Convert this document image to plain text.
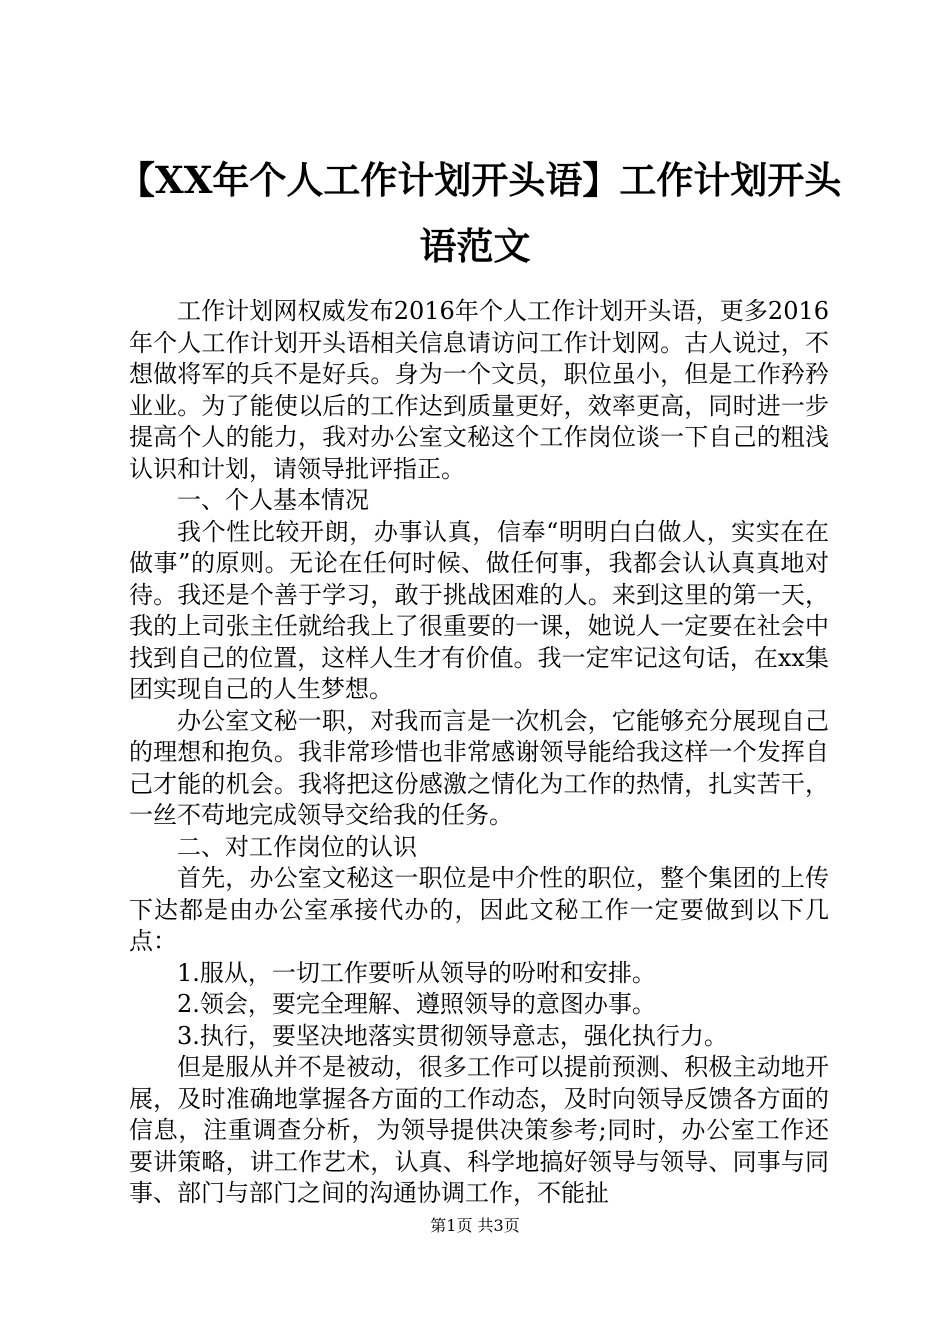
【XX年个人工作计划开头语】工作计划开头
语范文

工作计划网权威发布2016年个人工作计划开头语，更多2016年个人工作计划开头语相关信息请访问工作计划网。古人说过，不想做将军的兵不是好兵。身为一个文员，职位虽小，但是工作矜矜业业。为了能使以后的工作达到质量更好，效率更高，同时进一步提高个人的能力，我对办公室文秘这个工作岗位谈一下自己的粗浅认识和计划，请领导批评指正。

一、个人基本情况

我个性比较开朗，办事认真，信奉“明明白白做人，实实在在做事”的原则。无论在任何时候、做任何事，我都会认认真真地对待。我还是个善于学习，敢于挑战困难的人。来到这里的第一天，我的上司张主任就给我上了很重要的一课，她说人一定要在社会中找到自己的位置，这样人生才有价值。我一定牢记这句话，在xx集团实现自己的人生梦想。

办公室文秘一职，对我而言是一次机会，它能够充分展现自己的理想和抱负。我非常珍惜也非常感谢领导能给我这样一个发挥自己才能的机会。我将把这份感激之情化为工作的热情，扎实苦干，一丝不苟地完成领导交给我的任务。

二、对工作岗位的认识

首先，办公室文秘这一职位是中介性的职位，整个集团的上传下达都是由办公室承接代办的，因此文秘工作一定要做到以下几点：

1.服从，一切工作要听从领导的吩咐和安排。

2.领会，要完全理解、遵照领导的意图办事。

3.执行，要坚决地落实贯彻领导意志，强化执行力。

但是服从并不是被动，很多工作可以提前预测、积极主动地开展，及时准确地掌握各方面的工作动态，及时向领导反馈各方面的信息，注重调查分析，为领导提供决策参考;同时，办公室工作还要讲策略，讲工作艺术，认真、科学地搞好领导与领导、同事与同事、部门与部门之间的沟通协调工作，不能扯

第1页 共3页
